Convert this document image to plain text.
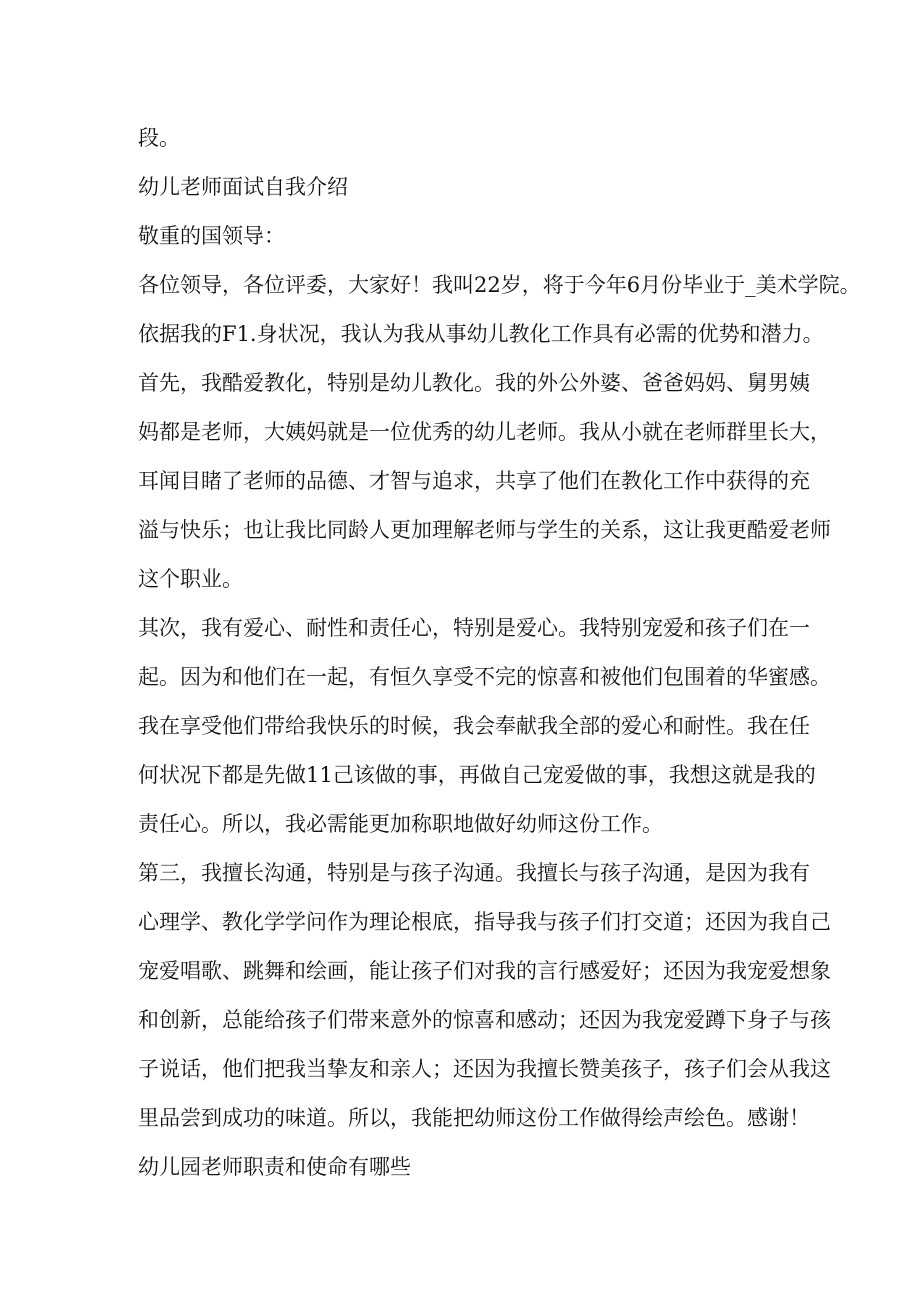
段。
幼儿老师面试自我介绍
敬重的国领导：
各位领导，各位评委，大家好！我叫22岁，将于今年6月份毕业于_美术学院。
依据我的F1.身状况，我认为我从事幼儿教化工作具有必需的优势和潜力。
首先，我酷爱教化，特别是幼儿教化。我的外公外婆、爸爸妈妈、舅男姨
妈都是老师，大姨妈就是一位优秀的幼儿老师。我从小就在老师群里长大，
耳闻目睹了老师的品德、才智与追求，共享了他们在教化工作中获得的充
溢与快乐；也让我比同龄人更加理解老师与学生的关系，这让我更酷爱老师
这个职业。
其次，我有爱心、耐性和责任心，特别是爱心。我特别宠爱和孩子们在一
起。因为和他们在一起，有恒久享受不完的惊喜和被他们包围着的华蜜感。
我在享受他们带给我快乐的时候，我会奉献我全部的爱心和耐性。我在任
何状况下都是先做11己该做的事，再做自己宠爱做的事，我想这就是我的
责任心。所以，我必需能更加称职地做好幼师这份工作。
第三，我擅长沟通，特别是与孩子沟通。我擅长与孩子沟通，是因为我有
心理学、教化学学问作为理论根底，指导我与孩子们打交道；还因为我自己
宠爱唱歌、跳舞和绘画，能让孩子们对我的言行感爱好；还因为我宠爱想象
和创新，总能给孩子们带来意外的惊喜和感动；还因为我宠爱蹲下身子与孩
子说话，他们把我当挚友和亲人；还因为我擅长赞美孩子，孩子们会从我这
里品尝到成功的味道。所以，我能把幼师这份工作做得绘声绘色。感谢！
幼儿园老师职责和使命有哪些
